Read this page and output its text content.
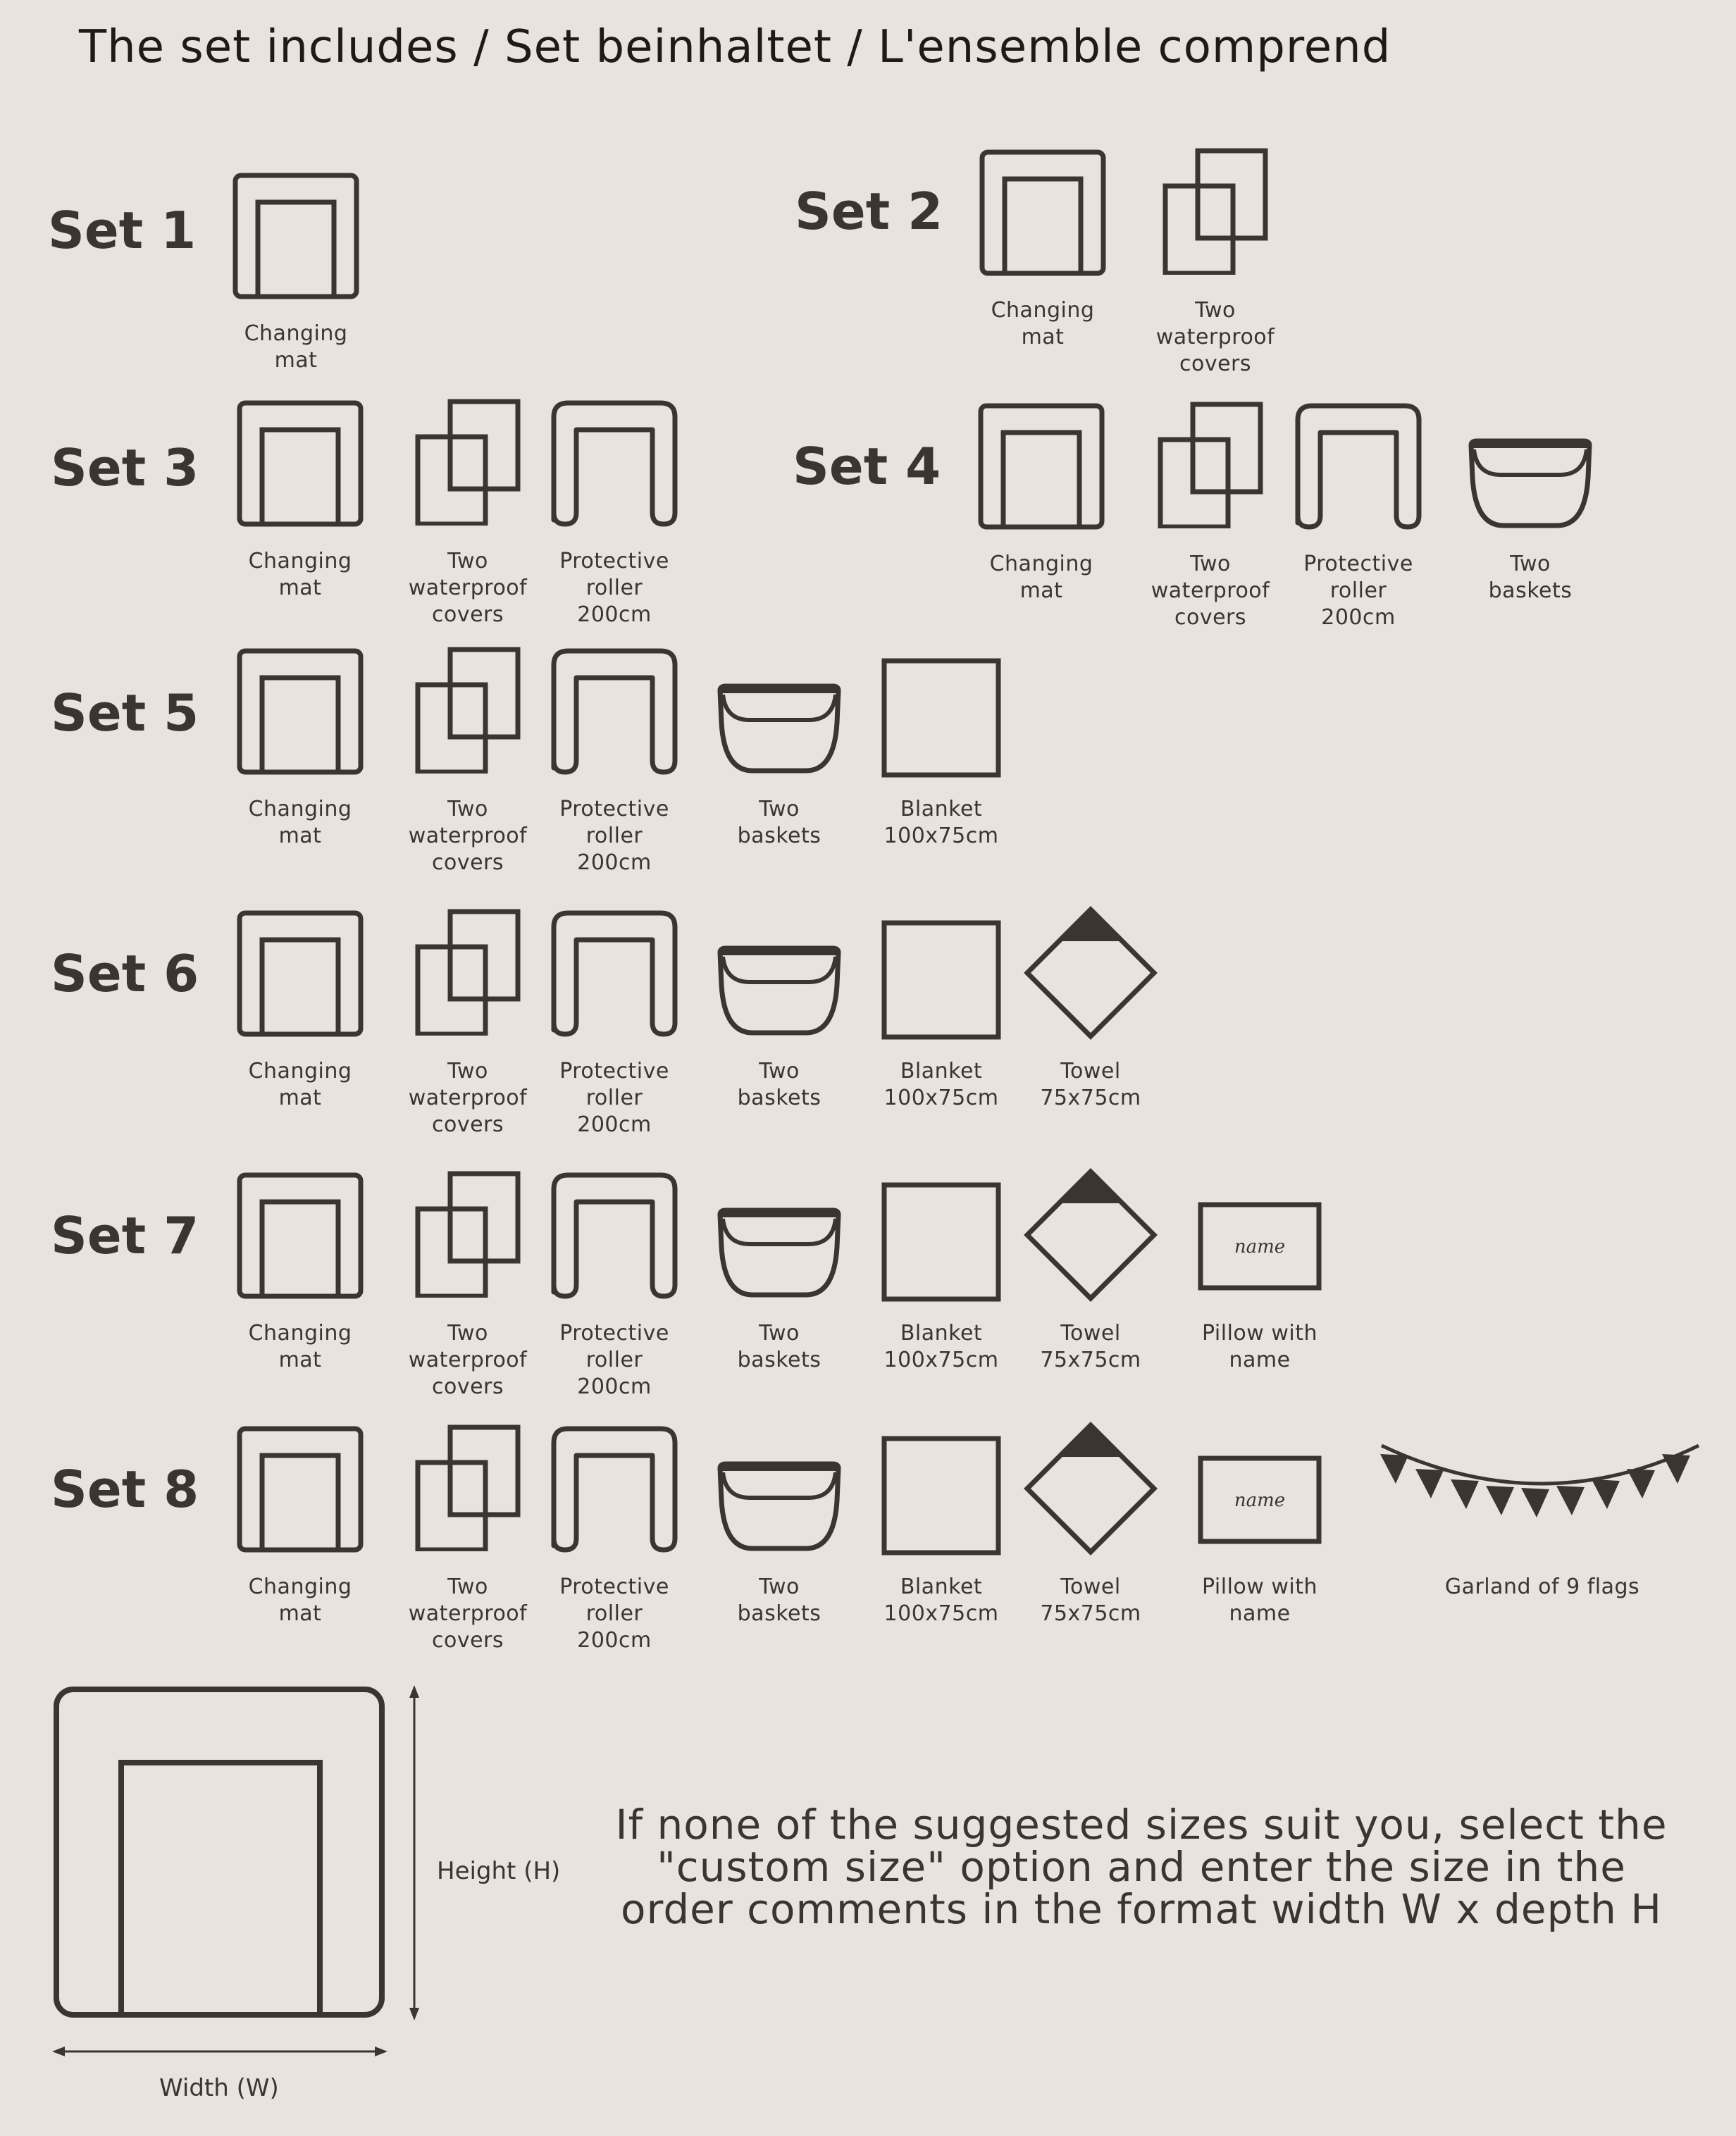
The set includes / Set beinhaltet / L'ensemble comprend
Set 1
Changing
mat
Set 2
Changing
mat
Two
waterproof
covers
Set 3
Changing
mat
Two
waterproof
covers
Protective
roller
200cm
Set 4
Changing
mat
Two
waterproof
covers
Protective
roller
200cm
Two
baskets
Set 5
Changing
mat
Two
waterproof
covers
Protective
roller
200cm
Two
baskets
Blanket
100x75cm
Set 6
Changing
mat
Two
waterproof
covers
Protective
roller
200cm
Two
baskets
Blanket
100x75cm
Towel
75x75cm
Set 7
Changing
mat
Two
waterproof
covers
Protective
roller
200cm
Two
baskets
Blanket
100x75cm
Towel
75x75cm
name
Pillow with
name
Set 8
Changing
mat
Two
waterproof
covers
Protective
roller
200cm
Two
baskets
Blanket
100x75cm
Towel
75x75cm
name
Pillow with
name
Garland of 9 flags
Height (H)
Width (W)
If none of the suggested sizes suit you, select the
"custom size" option and enter the size in the
order comments in the format width W x depth H
